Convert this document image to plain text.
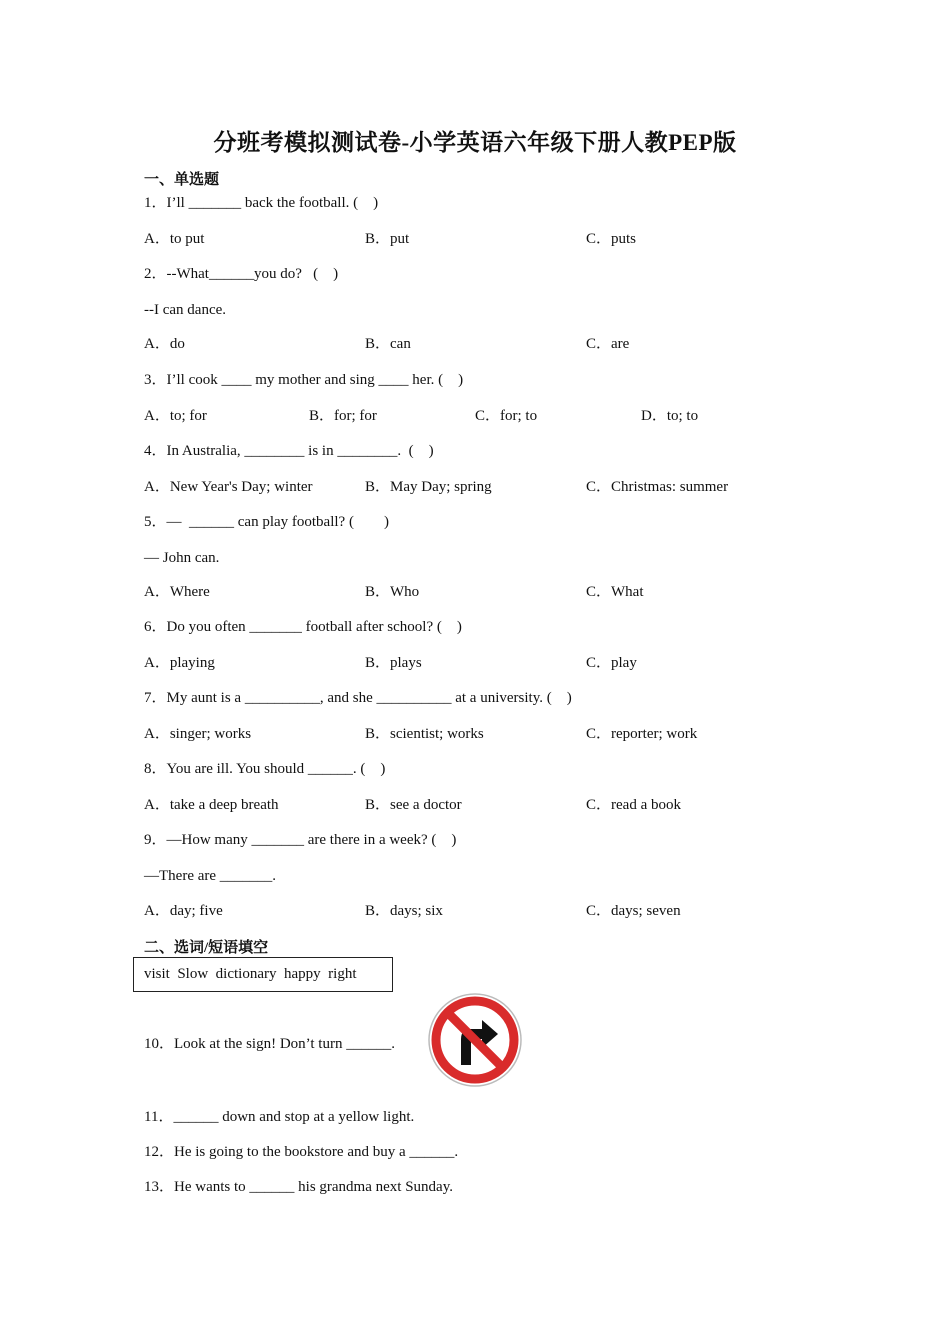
分班考模拟测试卷-小学英语六年级下册人教PEP版
一、单选题
1．I’ll _______ back the football. (    )
A．to put	B．put	C．puts
2．--What______you do?   (    )
--I can dance.
A．do	B．can	C．are
3．I’ll cook ____ my mother and sing ____ her. (    )
A．to; for	B．for; for	C．for; to	D．to; to
4．In Australia, ________ is in ________.  (    )
A．New Year's Day; winter	B．May Day; spring	C．Christmas: summer
5．—  ______ can play football? (        )
— John can.
A．Where	B．Who	C．What
6．Do you often _______ football after school? (    )
A．playing	B．plays	C．play
7．My aunt is a __________, and she __________ at a university. (    )
A．singer; works	B．scientist; works	C．reporter; work
8．You are ill. You should ______. (    )
A．take a deep breath	B．see a doctor	C．read a book
9．—How many _______ are there in a week? (    )
—There are _______.
A．day; five	B．days; six	C．days; seven
二、选词/短语填空
visit  Slow  dictionary  happy  right
10．Look at the sign! Don’t turn ______.
11．______ down and stop at a yellow light.
12．He is going to the bookstore and buy a ______.
13．He wants to ______ his grandma next Sunday.
